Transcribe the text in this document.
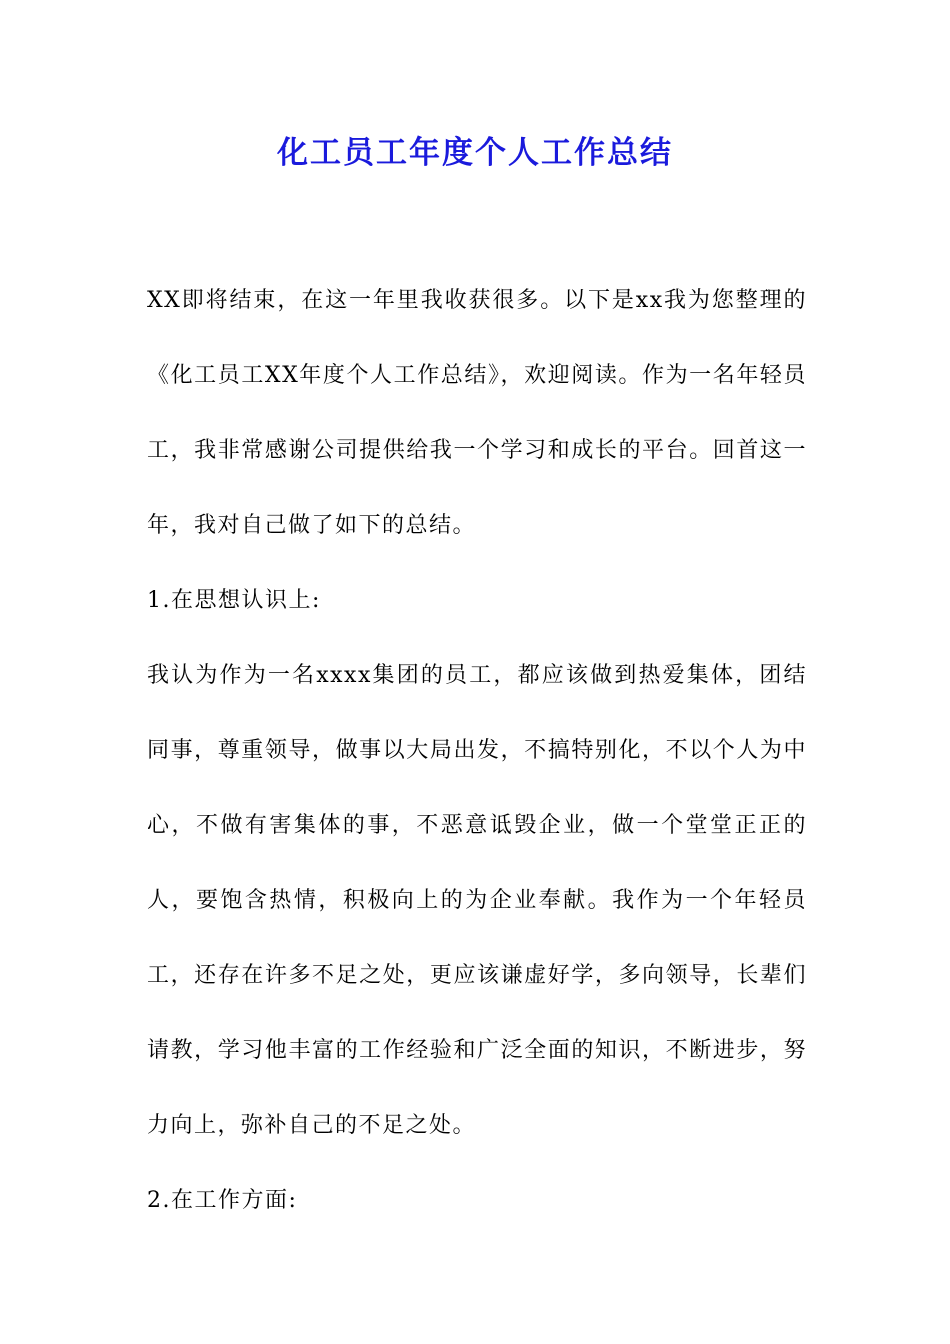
化工员工年度个人工作总结

XX即将结束，在这一年里我收获很多。以下是xx我为您整理的《化工员工XX年度个人工作总结》，欢迎阅读。作为一名年轻员工，我非常感谢公司提供给我一个学习和成长的平台。回首这一年，我对自己做了如下的总结。

1.在思想认识上:

我认为作为一名xxxx集团的员工，都应该做到热爱集体，团结同事，尊重领导，做事以大局出发，不搞特别化，不以个人为中心，不做有害集体的事，不恶意诋毁企业，做一个堂堂正正的人，要饱含热情，积极向上的为企业奉献。我作为一个年轻员工，还存在许多不足之处，更应该谦虚好学，多向领导，长辈们请教，学习他丰富的工作经验和广泛全面的知识，不断进步，努力向上，弥补自己的不足之处。

2.在工作方面:
